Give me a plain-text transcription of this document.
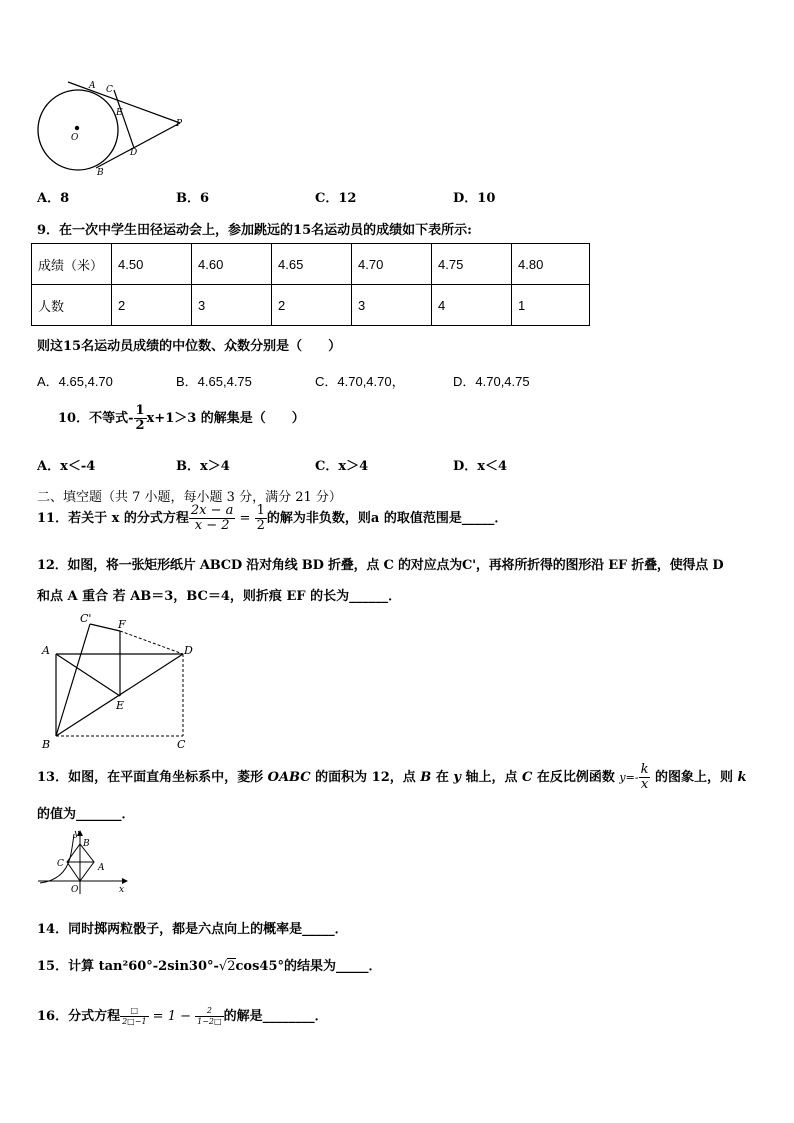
A C
E
P
O
D
B
A．8	B．6	C．12	D．10
9．在一次中学生田径运动会上，参加跳远的15名运动员的成绩如下表所示:
成绩（米）	4.50	4.60	4.65	4.70	4.75	4.80
人数	2	3	2	3	4	1
则这15名运动员成绩的中位数、众数分别是（　　）
A．4.65,4.70	B．4.65,4.75	C．4.70,4.70，	D．4.70,4.75
10．不等式- $\frac{1}{2} x+1>3$ 的解集是（　　）
A．x＜-4	B．x＞4	C．x＞4	D．x＜4
二、填空题（共 7 小题，每小题 3 分，满分 21 分）
11．若关于 x 的分式方程 $\frac{2x - a}{x - 2} = \frac{1}{2}$ 的解为非负数，则a 的取值范围是_____．
12．如图，将一张矩形纸片 ABCD 沿对角线 BD 折叠，点 C 的对应点为C'，再将所折得的图形沿 EF 折叠，使得点 D
和点 A 重合 若 AB＝3，BC＝4，则折痕 EF 的长为______．
C' F
A	D
E
B	C
13．如图，在平面直角坐标系中，菱形 OABC 的面积为 12，点 B 在 y 轴上，点 C 在反比例函数 $y=- \frac{k}{x}$ 的图象上，则 k
的值为_______．
y
B
C	A
O	x
14．同时掷两粒骰子，都是六点向上的概率是_____．
15．计算 tan²60°-2sin30°-√2cos45°的结果为_____．
16．分式方程 $\frac{□}{2□-1} = 1 - \frac{2}{1-2□}$ 的解是________．
